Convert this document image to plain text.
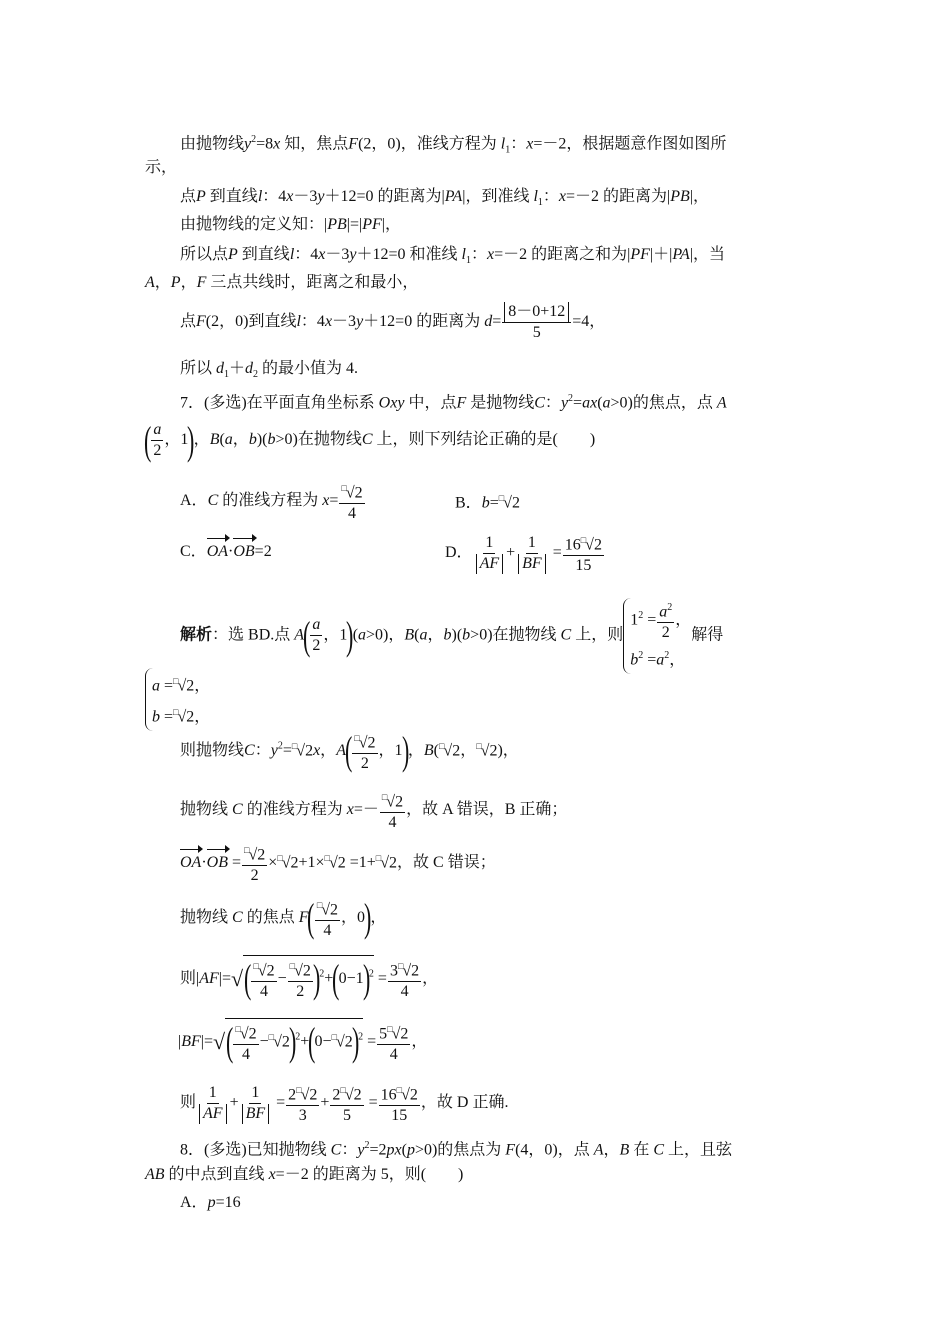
由抛物线$y^2=8x$ 知，焦点F(2，0)，准线方程为 $l_1$：x=－2，根据题意作图如图所
示，
点P 到直线l：4x－3y＋12=0 的距离为|PA|，到准线 $l_1$：x=－2 的距离为|PB|，
由抛物线的定义知：|PB|=|PF|，
所以点P 到直线l：4x－3y＋12=0 和准线 $l_1$：x=－2 的距离之和为|PF|＋|PA|，当
A，P，F 三点共线时，距离之和最小，
点F(2，0)到直线l：4x－3y＋12=0 的距离为 $d= \frac{8-0+12}{5} =4$，
所以 $d_1+d_2$ 的最小值为 4.
7．(多选)在平面直角坐标系 Oxy 中，点F 是抛物线C：$y^2=ax(a>0)$的焦点，点 A
( $\frac{a}{2}$ ，1)，B(a，b)(b>0)在抛物线C 上，则下列结论正确的是(　　)
A．C 的准线方程为 $x= \frac{^□√2}{4}$	B．b=□√2
C．OA·OB=2	D． $\frac{1}{AF} + \frac{1}{BF} = \frac{16^□√2}{15}$
解析：选 BD.点 $A( \frac{a}{2}$ ，1)(a>0)，B(a，b)(b>0)在抛物线 C 上，则
$1^2 = \frac{a^2}{2}$ ，
$b^2 =a^2$，
解得
a =□√2，
b =□√2，
则抛物线C：$y^2=^□√2x$，$A( \frac{^□√2}{2}$ ，1)，B(□√2，□√2)，
抛物线 C 的准线方程为 $x=- \frac{^□√2}{4}$ ，故 A 错误，B 正确；
$OA\cdot OB = \frac{^□√2}{2} \times^□√2+1\times^□√2 =1+^□√2$，故 C 错误；
抛物线 C 的焦点 $F( \frac{^□√2}{4}$ ，0)，
则$|AF|=√( \frac{^□√2}{4} - \frac{^□√2}{2} )^2+(0-1)^2 = \frac{3^□√2}{4}$ ，
$|BF|=√( \frac{^□√2}{4} -^□√2)^2+(0-^□√2)^2 = \frac{5^□√2}{4}$ ，
则 $\frac{1}{AF} + \frac{1}{BF} = \frac{2^□√2}{3} + \frac{2^□√2}{5} = \frac{16^□√2}{15}$ ，故 D 正确.
8．(多选)已知抛物线 C：$y^2=2px(p>0)$的焦点为 F(4，0)，点 A，B 在 C 上，且弦
AB 的中点到直线 x=－2 的距离为 5，则(　　)
A．p=16
